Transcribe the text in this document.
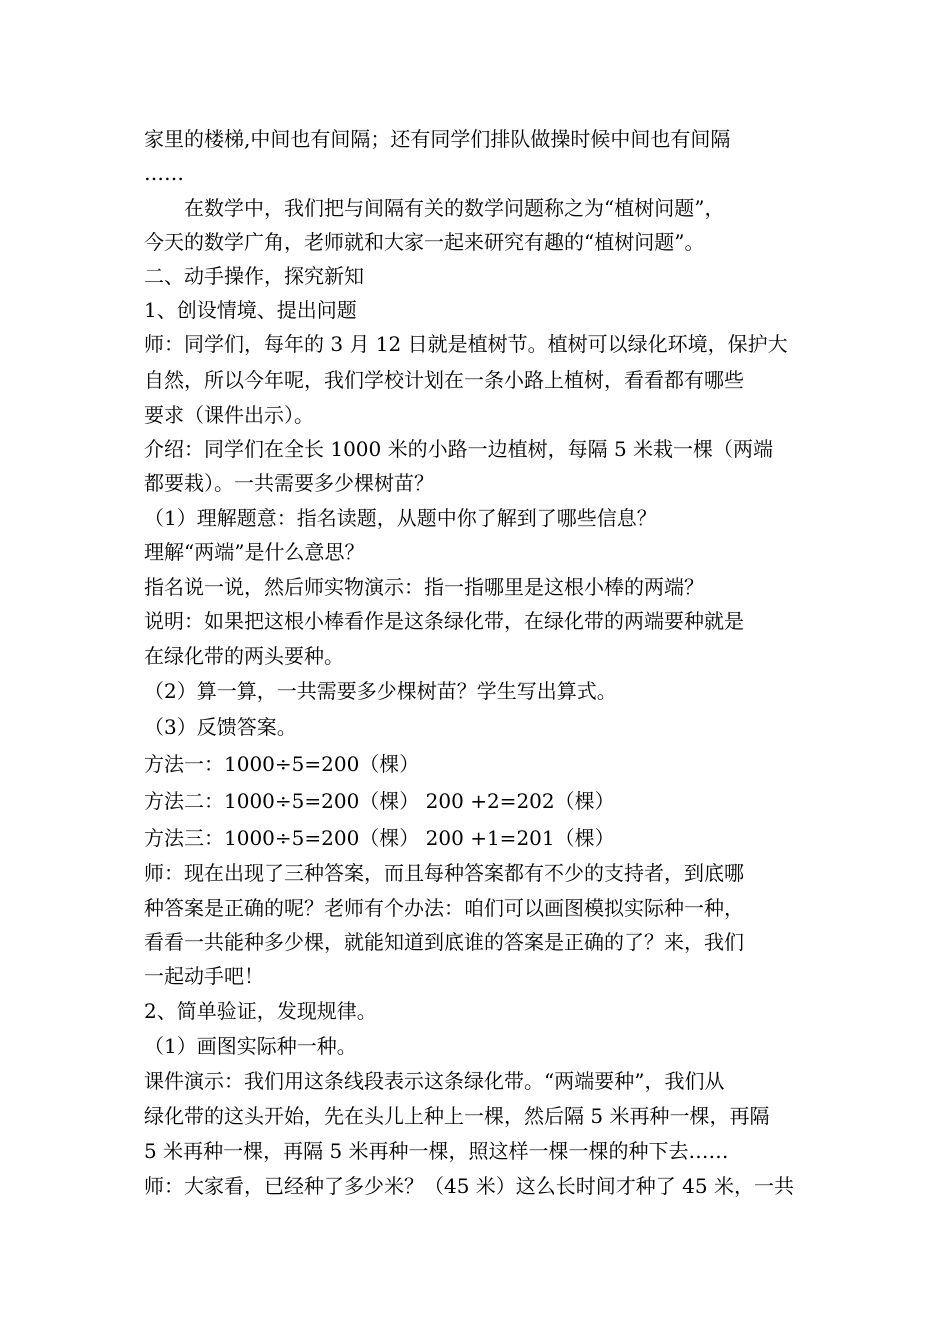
家里的楼梯,中间也有间隔；还有同学们排队做操时候中间也有间隔
……
　　在数学中，我们把与间隔有关的数学问题称之为“植树问题”，
今天的数学广角，老师就和大家一起来研究有趣的“植树问题”。
二、动手操作，探究新知
1、创设情境、提出问题
师：同学们，每年的 3 月 12 日就是植树节。植树可以绿化环境，保护大
自然，所以今年呢，我们学校计划在一条小路上植树，看看都有哪些
要求（课件出示）。
介绍：同学们在全长 1000 米的小路一边植树，每隔 5 米栽一棵（两端
都要栽）。一共需要多少棵树苗？
（1）理解题意：指名读题，从题中你了解到了哪些信息？
理解“两端”是什么意思？
指名说一说，然后师实物演示：指一指哪里是这根小棒的两端？
说明：如果把这根小棒看作是这条绿化带，在绿化带的两端要种就是
在绿化带的两头要种。
（2）算一算，一共需要多少棵树苗？学生写出算式。
（3）反馈答案。
方法一：1000÷5=200（棵）
方法二：1000÷5=200（棵） 200 +2=202（棵）
方法三：1000÷5=200（棵） 200 +1=201（棵）
师：现在出现了三种答案，而且每种答案都有不少的支持者，到底哪
种答案是正确的呢？老师有个办法：咱们可以画图模拟实际种一种，
看看一共能种多少棵，就能知道到底谁的答案是正确的了？来，我们
一起动手吧！
2、简单验证，发现规律。
（1）画图实际种一种。
课件演示：我们用这条线段表示这条绿化带。“两端要种”，我们从
绿化带的这头开始，先在头儿上种上一棵，然后隔 5 米再种一棵，再隔
5 米再种一棵，再隔 5 米再种一棵，照这样一棵一棵的种下去……
师：大家看，已经种了多少米？（45 米）这么长时间才种了 45 米，一共
